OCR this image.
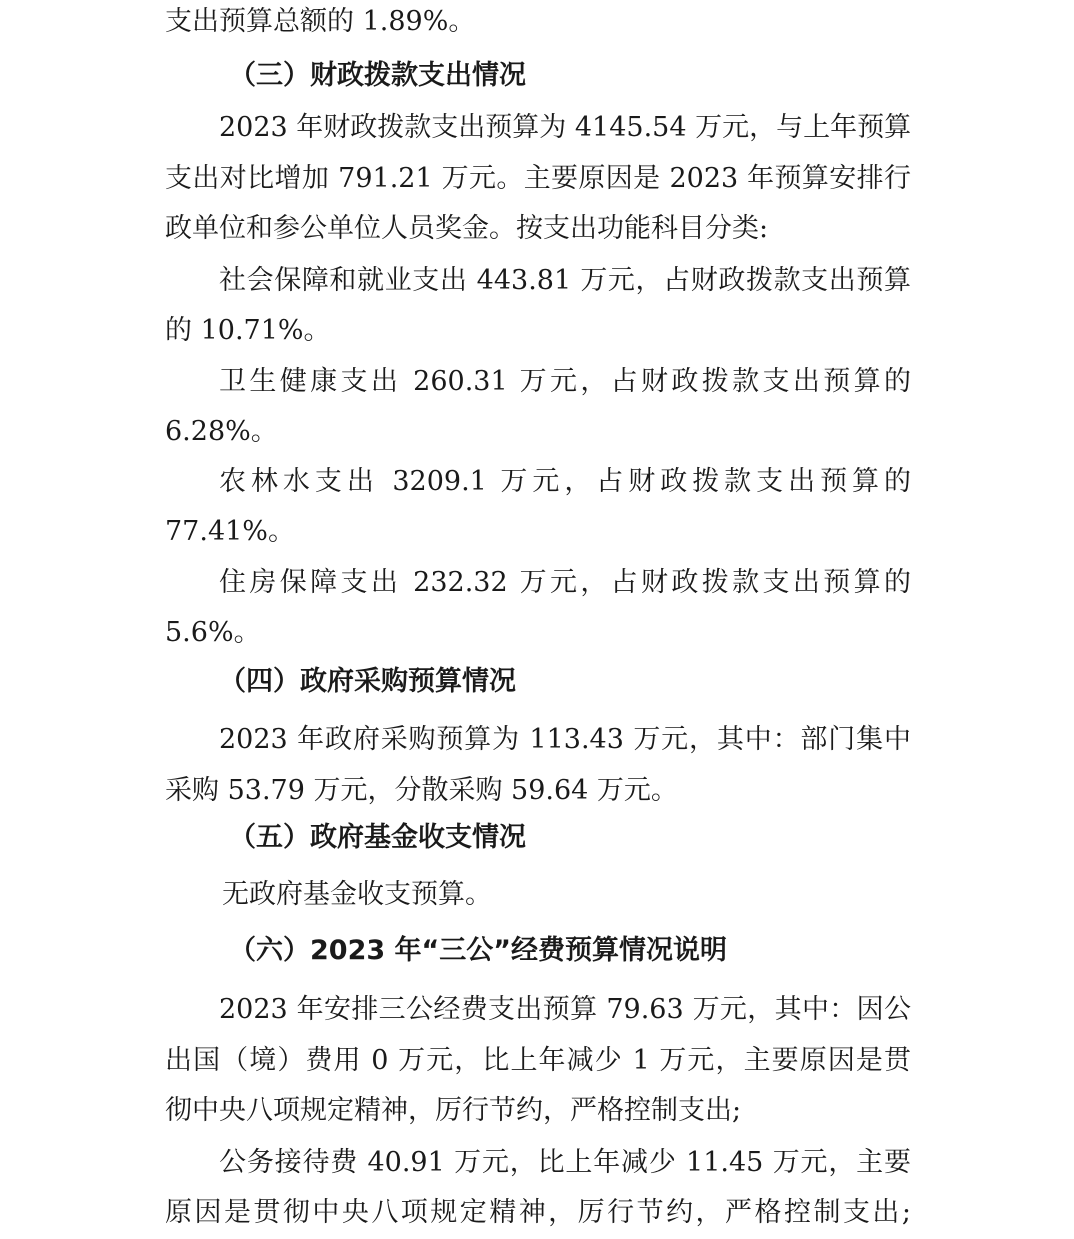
支出预算总额的 1.89%。
（三）财政拨款支出情况
2023 年财政拨款支出预算为 4145.54 万元，与上年预算
支出对比增加 791.21 万元。主要原因是 2023 年预算安排行
政单位和参公单位人员奖金。按支出功能科目分类:
社会保障和就业支出 443.81 万元，占财政拨款支出预算
的 10.71%。
卫生健康支出 260.31 万元，占财政拨款支出预算的
6.28%。
农林水支出 3209.1 万元，占财政拨款支出预算的
77.41%。
住房保障支出 232.32 万元，占财政拨款支出预算的
5.6%。
（四）政府采购预算情况
2023 年政府采购预算为 113.43 万元，其中：部门集中
采购 53.79 万元，分散采购 59.64 万元。
（五）政府基金收支情况
无政府基金收支预算。
（六）2023 年“三公”经费预算情况说明
2023 年安排三公经费支出预算 79.63 万元，其中：因公
出国（境）费用 0 万元，比上年减少 1 万元，主要原因是贯
彻中央八项规定精神，厉行节约，严格控制支出;
公务接待费 40.91 万元，比上年减少 11.45 万元，主要
原因是贯彻中央八项规定精神，厉行节约，严格控制支出;
